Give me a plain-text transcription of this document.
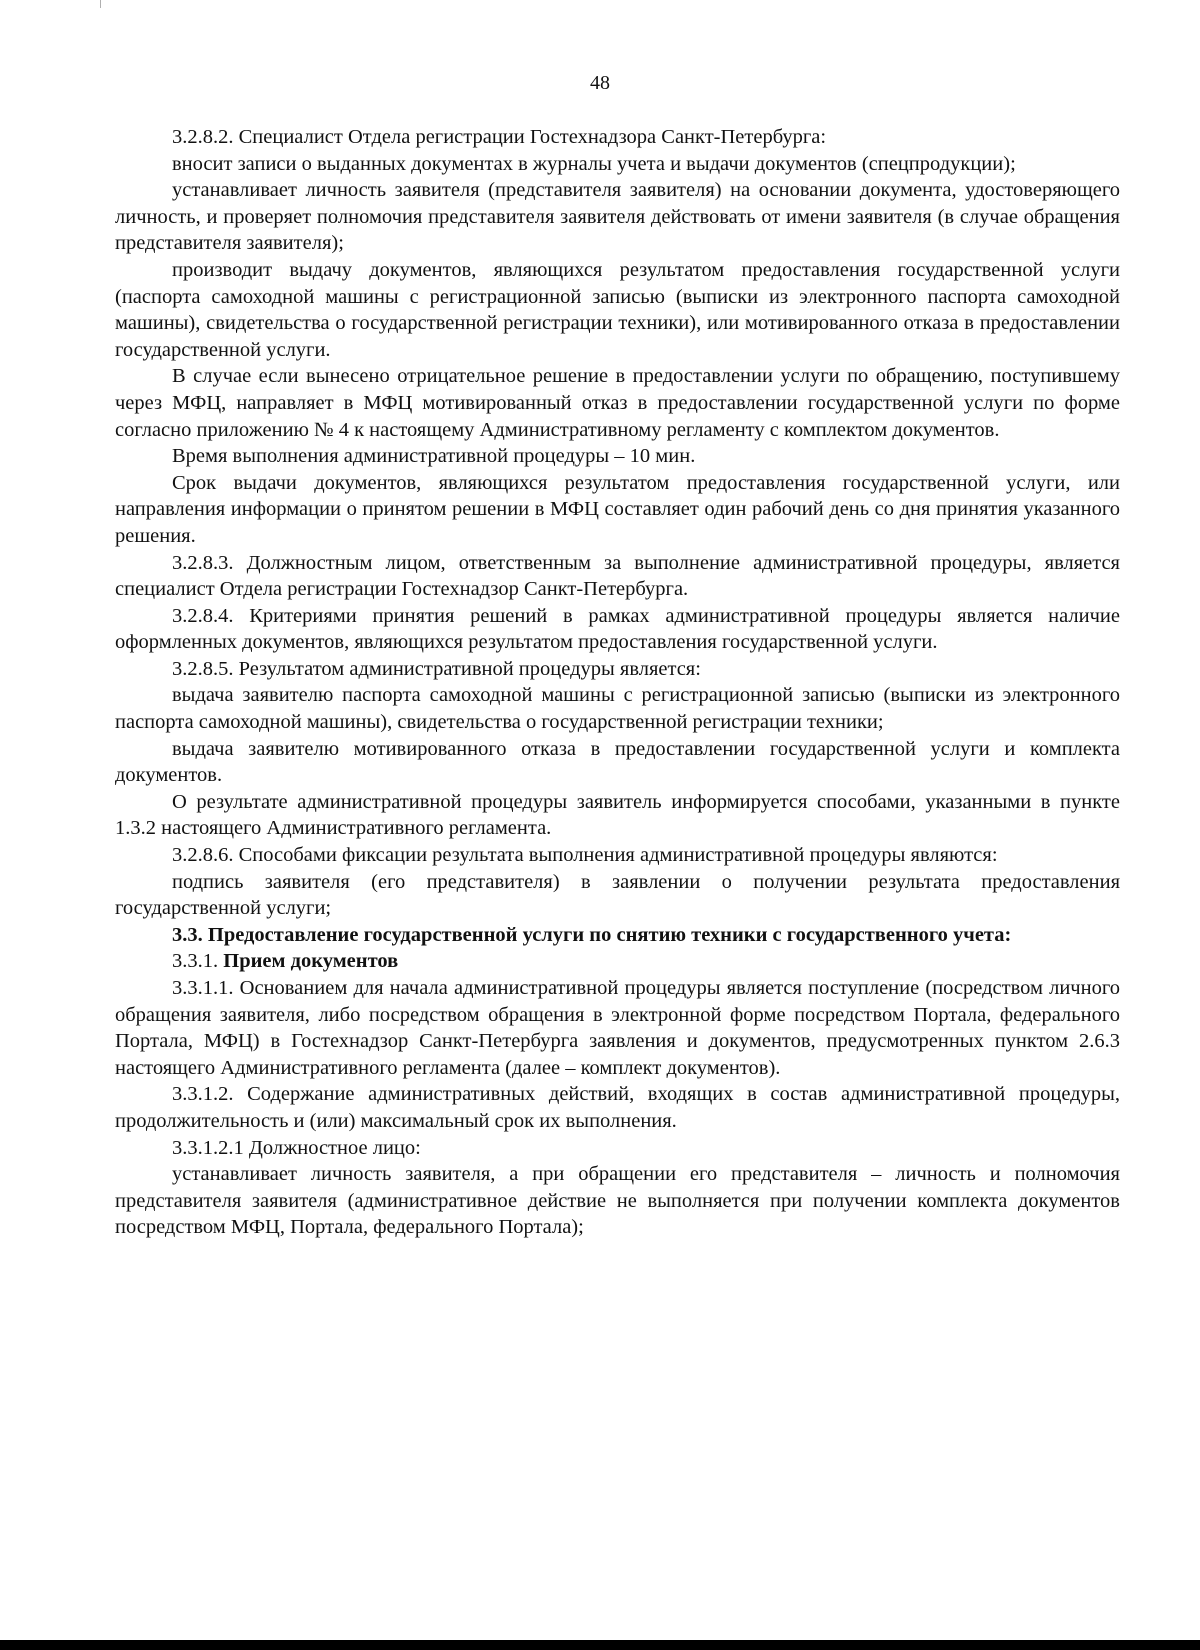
48

3.2.8.2. Специалист Отдела регистрации Гостехнадзора Санкт-Петербурга:

вносит записи о выданных документах в журналы учета и выдачи документов (спецпродукции);

устанавливает личность заявителя (представителя заявителя) на основании документа, удостоверяющего личность, и проверяет полномочия представителя заявителя действовать от имени заявителя (в случае обращения представителя заявителя);

производит выдачу документов, являющихся результатом предоставления государственной услуги (паспорта самоходной машины с регистрационной записью (выписки из электронного паспорта самоходной машины), свидетельства о государственной регистрации техники), или мотивированного отказа в предоставлении государственной услуги.

В случае если вынесено отрицательное решение в предоставлении услуги по обращению, поступившему через МФЦ, направляет в МФЦ мотивированный отказ в предоставлении государственной услуги по форме согласно приложению № 4 к настоящему Административному регламенту с комплектом документов.

Время выполнения административной процедуры – 10 мин.

Срок выдачи документов, являющихся результатом предоставления государственной услуги, или направления информации о принятом решении в МФЦ составляет один рабочий день со дня принятия указанного решения.

3.2.8.3. Должностным лицом, ответственным за выполнение административной процедуры, является специалист Отдела регистрации Гостехнадзор Санкт-Петербурга.

3.2.8.4. Критериями принятия решений в рамках административной процедуры является наличие оформленных документов, являющихся результатом предоставления государственной услуги.

3.2.8.5. Результатом административной процедуры является:

выдача заявителю паспорта самоходной машины с регистрационной записью (выписки из электронного паспорта самоходной машины), свидетельства о государственной регистрации техники;

выдача заявителю мотивированного отказа в предоставлении государственной услуги и комплекта документов.

О результате административной процедуры заявитель информируется способами, указанными в пункте 1.3.2 настоящего Административного регламента.

3.2.8.6. Способами фиксации результата выполнения административной процедуры являются:

подпись заявителя (его представителя) в заявлении о получении результата предоставления государственной услуги;

3.3. Предоставление государственной услуги по снятию техники с государственного учета:

3.3.1. Прием документов

3.3.1.1. Основанием для начала административной процедуры является поступление (посредством личного обращения заявителя, либо посредством обращения в электронной форме посредством Портала, федерального Портала, МФЦ) в Гостехнадзор Санкт-Петербурга заявления и документов, предусмотренных пунктом 2.6.3 настоящего Административного регламента (далее – комплект документов).

3.3.1.2. Содержание административных действий, входящих в состав административной процедуры, продолжительность и (или) максимальный срок их выполнения.

3.3.1.2.1 Должностное лицо:

устанавливает личность заявителя, а при обращении его представителя – личность и полномочия представителя заявителя (административное действие не выполняется при получении комплекта документов посредством МФЦ, Портала, федерального Портала);
